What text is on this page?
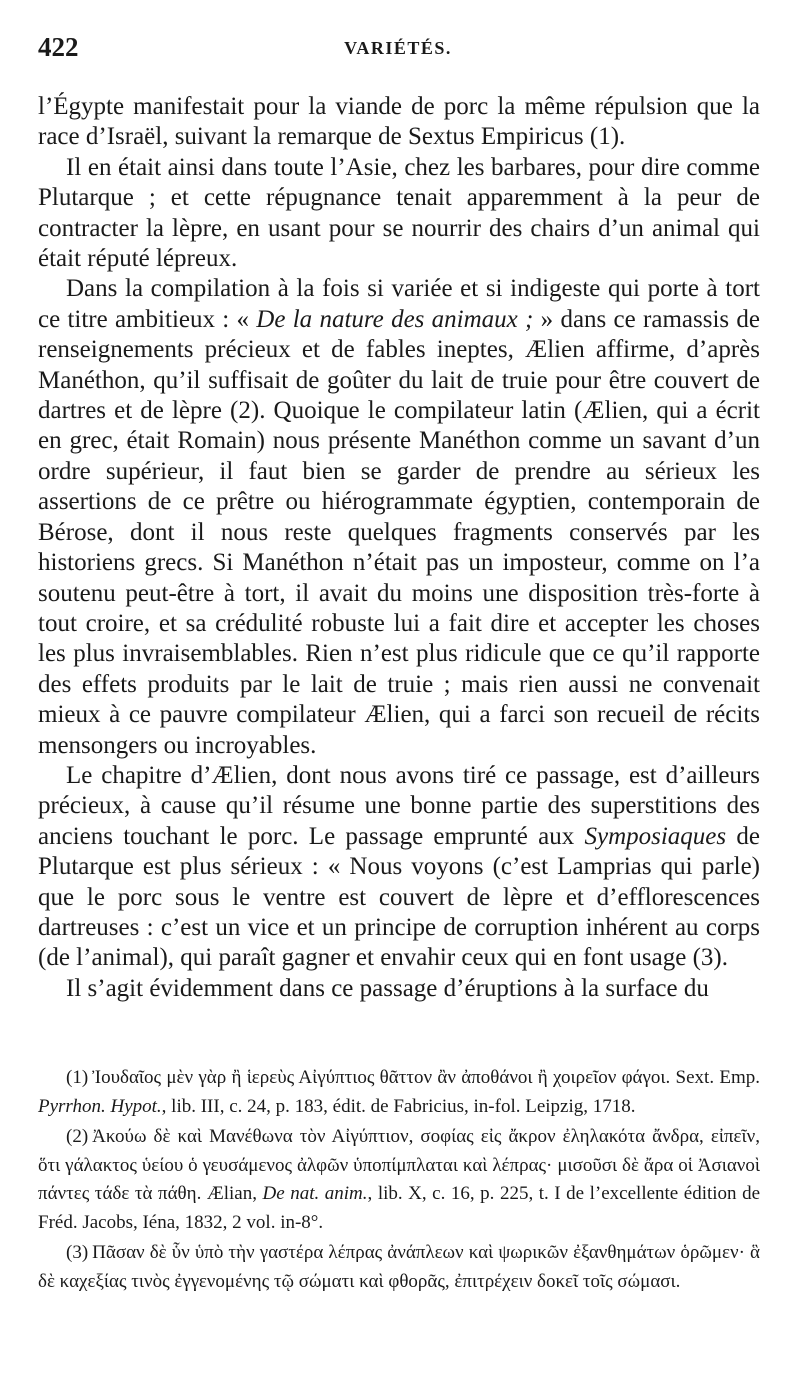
422	VARIÉTÉS.

l’Égypte manifestait pour la viande de porc la même répulsion que la race d’Israël, suivant la remarque de Sextus Empiricus (1).

Il en était ainsi dans toute l’Asie, chez les barbares, pour dire comme Plutarque ; et cette répugnance tenait apparemment à la peur de contracter la lèpre, en usant pour se nourrir des chairs d’un animal qui était réputé lépreux.

Dans la compilation à la fois si variée et si indigeste qui porte à tort ce titre ambitieux : « De la nature des animaux ; » dans ce ramassis de renseignements précieux et de fables ineptes, Ælien affirme, d’après Manéthon, qu’il suffisait de goûter du lait de truie pour être couvert de dartres et de lèpre (2). Quoique le compilateur latin (Ælien, qui a écrit en grec, était Romain) nous présente Manéthon comme un savant d’un ordre supérieur, il faut bien se garder de prendre au sérieux les assertions de ce prêtre ou hiérogrammate égyptien, contemporain de Bérose, dont il nous reste quelques fragments conservés par les historiens grecs. Si Manéthon n’était pas un imposteur, comme on l’a soutenu peut-être à tort, il avait du moins une disposition très-forte à tout croire, et sa crédulité robuste lui a fait dire et accepter les choses les plus invraisemblables. Rien n’est plus ridicule que ce qu’il rapporte des effets produits par le lait de truie ; mais rien aussi ne convenait mieux à ce pauvre compilateur Ælien, qui a farci son recueil de récits mensongers ou incroyables.

Le chapitre d’Ælien, dont nous avons tiré ce passage, est d’ailleurs précieux, à cause qu’il résume une bonne partie des superstitions des anciens touchant le porc. Le passage emprunté aux Symposiaques de Plutarque est plus sérieux : « Nous voyons (c’est Lamprias qui parle) que le porc sous le ventre est couvert de lèpre et d’efflorescences dartreuses : c’est un vice et un principe de corruption inhérent au corps (de l’animal), qui paraît gagner et envahir ceux qui en font usage (3).

Il s’agit évidemment dans ce passage d’éruptions à la surface du

(1) Ἰουδαῖος μὲν γὰρ ἢ ἱερεὺς Αἰγύπτιος θᾶττον ἂν ἀποθάνοι ἢ χοιρεῖον φάγοι. Sext. Emp. Pyrrhon. Hypot., lib. III, c. 24, p. 183, édit. de Fabricius, in-fol. Leipzig, 1718.

(2) Ἀκούω δὲ καὶ Μανέθωνα τὸν Αἰγύπτιον, σοφίας εἰς ἄκρον ἐληλακότα ἄνδρα, εἰπεῖν, ὅτι γάλακτος ὑείου ὁ γευσάμενος ἀλφῶν ὑποπίμπλαται καὶ λέπρας· μισοῦσι δὲ ἄρα οἱ Ἀσιανοὶ πάντες τάδε τὰ πάθη. Ælian, De nat. anim., lib. X, c. 16, p. 225, t. I de l’excellente édition de Fréd. Jacobs, Iéna, 1832, 2 vol. in-8°.

(3) Πᾶσαν δὲ ὗν ὑπὸ τὴν γαστέρα λέπρας ἀνάπλεων καὶ ψωρικῶν ἐξανθημάτων ὁρῶμεν· ἃ δὲ καχεξίας τινὸς ἐγγενομένης τῷ σώματι καὶ φθορᾶς, ἐπιτρέχειν δοκεῖ τοῖς σώμασι.
